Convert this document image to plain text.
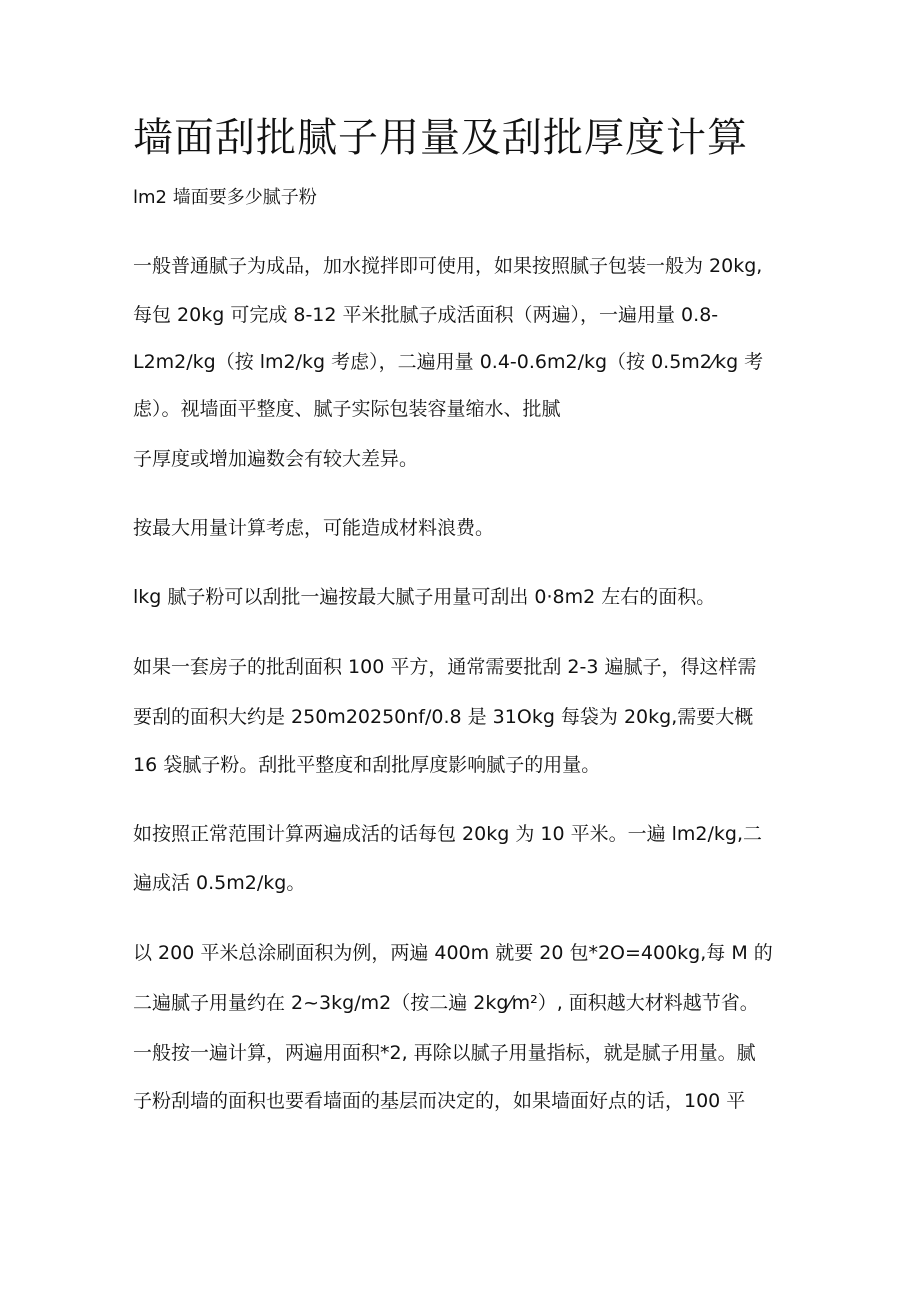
墙面刮批腻子用量及刮批厚度计算

lm2 墙面要多少腻子粉

一般普通腻子为成品，加水搅拌即可使用，如果按照腻子包装一般为 20kg,

每包 20kg 可完成 8-12 平米批腻子成活面积（两遍），一遍用量 0.8-

L2m2/kg（按 lm2/kg 考虑），二遍用量 0.4-0.6m2/kg（按 0.5m2⁄kg 考

虑）。视墙面平整度、腻子实际包装容量缩水、批腻

子厚度或增加遍数会有较大差异。

按最大用量计算考虑，可能造成材料浪费。

lkg 腻子粉可以刮批一遍按最大腻子用量可刮出 0·8m2 左右的面积。

如果一套房子的批刮面积 100 平方，通常需要批刮 2-3 遍腻子，得这样需

要刮的面积大约是 250m20250nf/0.8 是 31Okg 每袋为 20kg,需要大概

16 袋腻子粉。刮批平整度和刮批厚度影响腻子的用量。

如按照正常范围计算两遍成活的话每包 20kg 为 10 平米。一遍 lm2/kg,二

遍成活 0.5m2/kg。

以 200 平米总涂刷面积为例，两遍 400m 就要 20 包*2O=400kg,每 M 的

二遍腻子用量约在 2~3kg/m2（按二遍 2kg⁄m²）, 面积越大材料越节省。

一般按一遍计算，两遍用面积*2, 再除以腻子用量指标，就是腻子用量。腻

子粉刮墙的面积也要看墙面的基层而决定的，如果墙面好点的话，100 平
